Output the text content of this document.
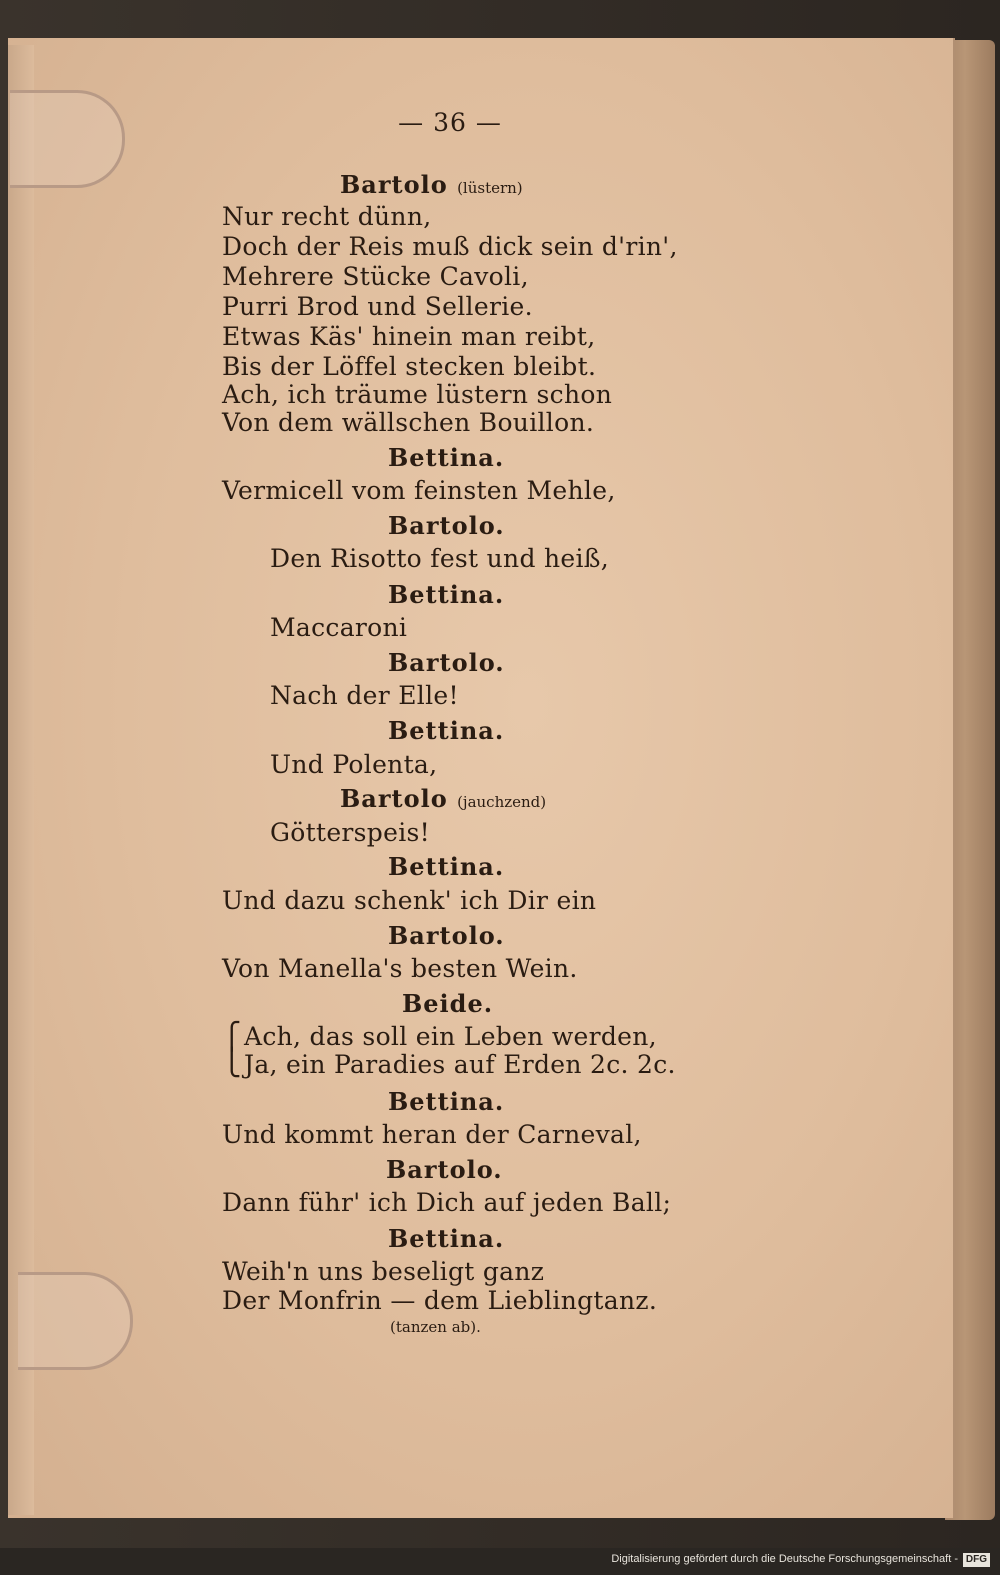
— 36 —
Bartolo (lüstern)
Nur recht dünn,
Doch der Reis muß dick sein d'rin',
Mehrere Stücke Cavoli,
Purri Brod und Sellerie.
Etwas Käs' hinein man reibt,
Bis der Löffel stecken bleibt.
Ach, ich träume lüstern schon
Von dem wällschen Bouillon.
Bettina.
Vermicell vom feinsten Mehle,
Bartolo.
Den Risotto fest und heiß,
Bettina.
Maccaroni
Bartolo.
Nach der Elle!
Bettina.
Und Polenta,
Bartolo (jauchzend)
Götterspeis!
Bettina.
Und dazu schenk' ich Dir ein
Bartolo.
Von Manella's besten Wein.
Beide.
⎧
⎩
Ach, das soll ein Leben werden,
Ja, ein Paradies auf Erden 2c. 2c.
Bettina.
Und kommt heran der Carneval,
Bartolo.
Dann führ' ich Dich auf jeden Ball;
Bettina.
Weih'n uns beseligt ganz
Der Monfrin — dem Lieblingtanz.
(tanzen ab).
Digitalisierung gefördert durch die Deutsche Forschungsgemeinschaft - DFG
